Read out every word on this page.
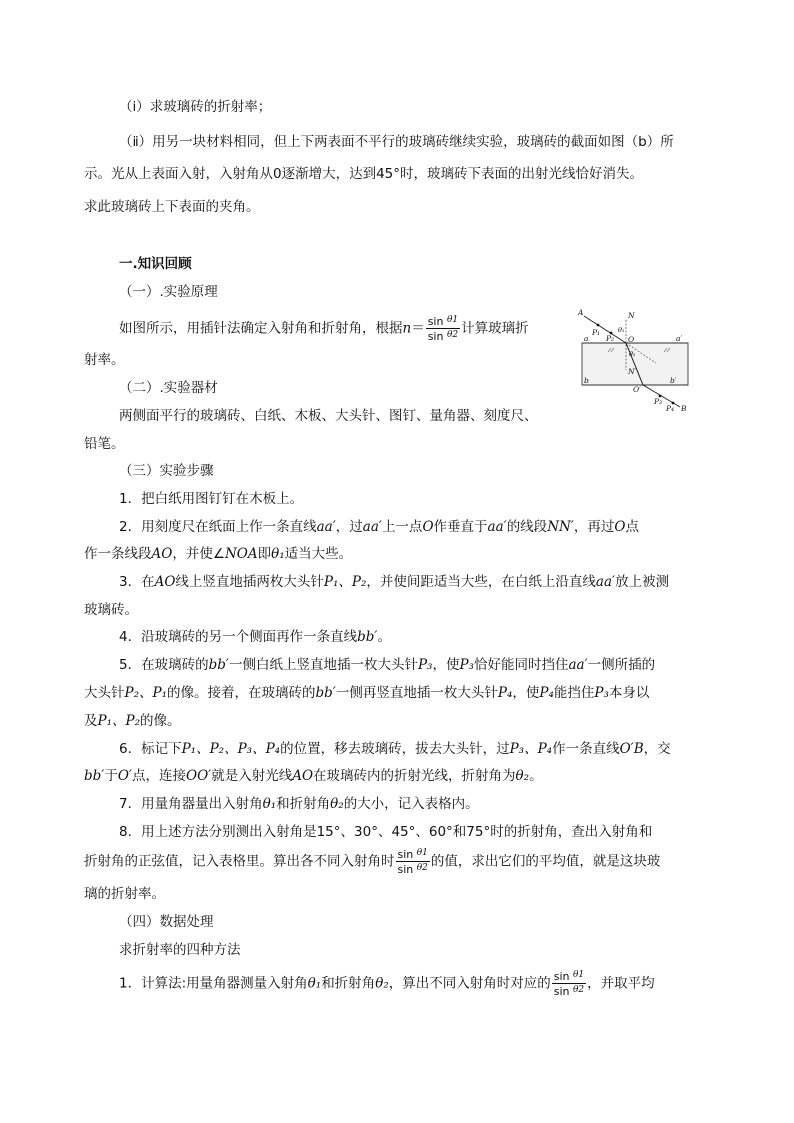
（ⅰ）求玻璃砖的折射率；
（ⅱ）用另一块材料相同，但上下两表面不平行的玻璃砖继续实验，玻璃砖的截面如图（b）所
示。光从上表面入射，入射角从0逐渐增大，达到45°时，玻璃砖下表面的出射光线恰好消失。
求此玻璃砖上下表面的夹角。
一.知识回顾
（一）.实验原理
如图所示，用插针法确定入射角和折射角，根据$n= \frac{\sin ^{\theta 1}}{\sin ^{\theta 2}}$ 计算玻璃折
射率。
（二）.实验器材
两侧面平行的玻璃砖、白纸、木板、大头针、图钉、量角器、刻度尺、
铅笔。
（三）实验步骤
1．把白纸用图钉钉在木板上。
2．用刻度尺在纸面上作一条直线aa′，过aa′上一点O作垂直于aa′的线段NN′，再过O点
作一条线段AO，并使∠NOA即θ₁适当大些。
3．在AO线上竖直地插两枚大头针P₁、P₂，并使间距适当大些，在白纸上沿直线aa′放上被测
玻璃砖。
4．沿玻璃砖的另一个侧面再作一条直线bb′。
5．在玻璃砖的bb′一侧白纸上竖直地插一枚大头针P₃，使P₃恰好能同时挡住aa′一侧所插的
大头针P₂、P₁的像。接着，在玻璃砖的bb′一侧再竖直地插一枚大头针P₄，使P₄能挡住P₃本身以
及P₁、P₂的像。
6．标记下P₁、P₂、P₃、P₄的位置，移去玻璃砖，拔去大头针，过P₃、P₄作一条直线O′B，交
bb′于O′点，连接OO′就是入射光线AO在玻璃砖内的折射光线，折射角为θ₂。
7．用量角器量出入射角θ₁和折射角θ₂的大小，记入表格内。
8．用上述方法分别测出入射角是15°、30°、45°、60°和75°时的折射角，查出入射角和
折射角的正弦值，记入表格里。算出各不同入射角时 $\frac{\sin ^{\theta 1}}{\sin ^{\theta 2}}$ 的值，求出它们的平均值，就是这块玻
璃的折射率。
（四）数据处理
求折射率的四种方法
1．计算法:用量角器测量入射角θ₁和折射角θ₂，算出不同入射角时对应的 $\frac{\sin ^{\theta 1}}{\sin ^{\theta 2}}$ ，并取平均
A
B
N
N′
O
O′
a	a′
b	b′
P₁
P₂
P₃
P₄
θ₁
θ₂
